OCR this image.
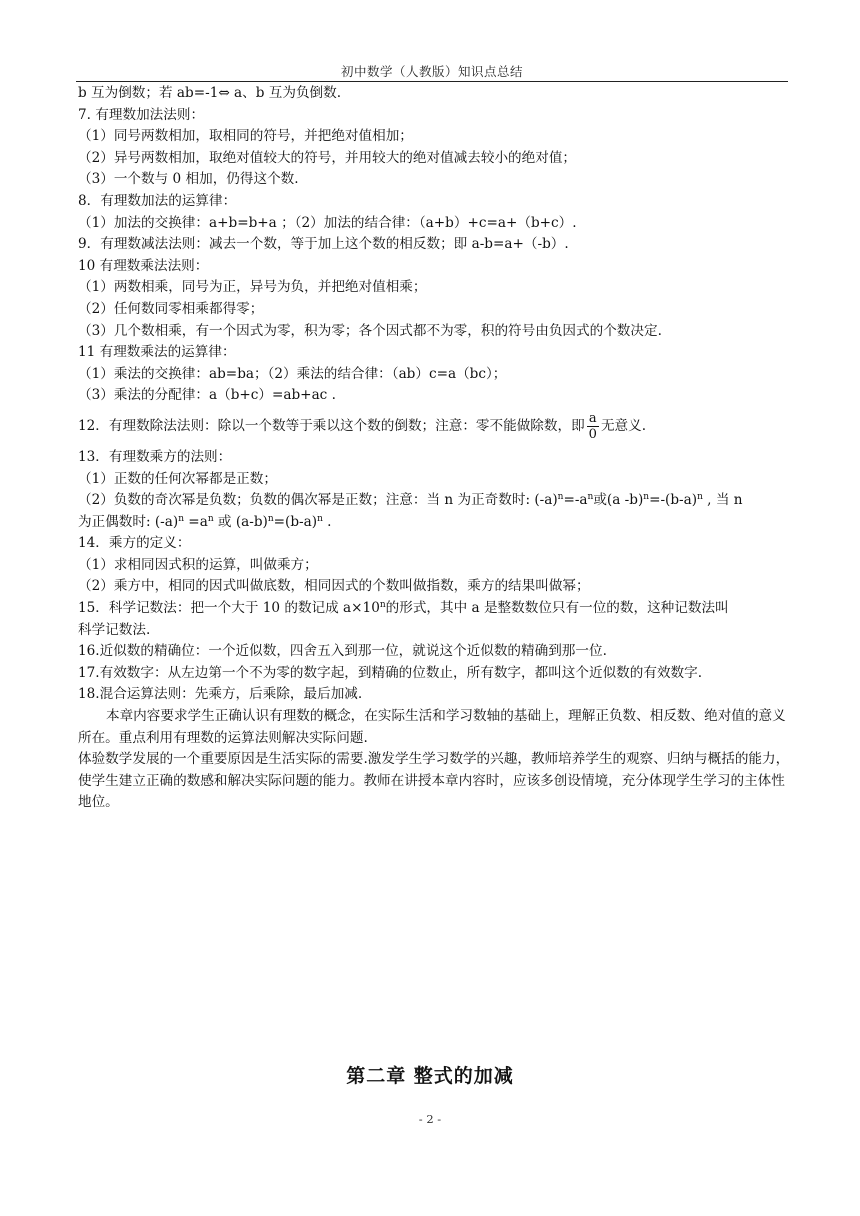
初中数学（人教版）知识点总结
b 互为倒数；若 ab=-1⇔ a、b 互为负倒数.
7. 有理数加法法则：
（1）同号两数相加，取相同的符号，并把绝对值相加；
（2）异号两数相加，取绝对值较大的符号，并用较大的绝对值减去较小的绝对值；
（3）一个数与 0 相加，仍得这个数.
8．有理数加法的运算律：
（1）加法的交换律：a+b=b+a ；（2）加法的结合律：（a+b）+c=a+（b+c）.
9．有理数减法法则：减去一个数，等于加上这个数的相反数；即 a-b=a+（-b）.
10 有理数乘法法则：
（1）两数相乘，同号为正，异号为负，并把绝对值相乘；
（2）任何数同零相乘都得零；
（3）几个数相乘，有一个因式为零，积为零；各个因式都不为零，积的符号由负因式的个数决定.
11 有理数乘法的运算律：
（1）乘法的交换律：ab=ba；（2）乘法的结合律：（ab）c=a（bc）；
（3）乘法的分配律：a（b+c）=ab+ac .
12．有理数除法法则：除以一个数等于乘以这个数的倒数；注意：零不能做除数，即 $\frac{a}{0}$ 无意义.
13．有理数乘方的法则：
（1）正数的任何次幂都是正数；
（2）负数的奇次幂是负数；负数的偶次幂是正数；注意：当 n 为正奇数时: $(-a)^n=-a^n$或(a $-b)^n=-(b-a)^n$ , 当 n
为正偶数时: $(-a)^n =a^n$ 或 $(a-b)^n=(b-a)^n$ .
14．乘方的定义：
（1）求相同因式积的运算，叫做乘方；
（2）乘方中，相同的因式叫做底数，相同因式的个数叫做指数，乘方的结果叫做幂；
15．科学记数法：把一个大于 10 的数记成 $a\times 10^n$的形式，其中 a 是整数数位只有一位的数，这种记数法叫
科学记数法.
16.近似数的精确位：一个近似数，四舍五入到那一位，就说这个近似数的精确到那一位.
17.有效数字：从左边第一个不为零的数字起，到精确的位数止，所有数字，都叫这个近似数的有效数字.
18.混合运算法则：先乘方，后乘除，最后加减.
本章内容要求学生正确认识有理数的概念，在实际生活和学习数轴的基础上，理解正负数、相反数、绝对值的意义所在。重点利用有理数的运算法则解决实际问题.
体验数学发展的一个重要原因是生活实际的需要.激发学生学习数学的兴趣，教师培养学生的观察、归纳与概括的能力，使学生建立正确的数感和解决实际问题的能力。教师在讲授本章内容时，应该多创设情境，充分体现学生学习的主体性地位。
第二章 整式的加减
- 2 -
